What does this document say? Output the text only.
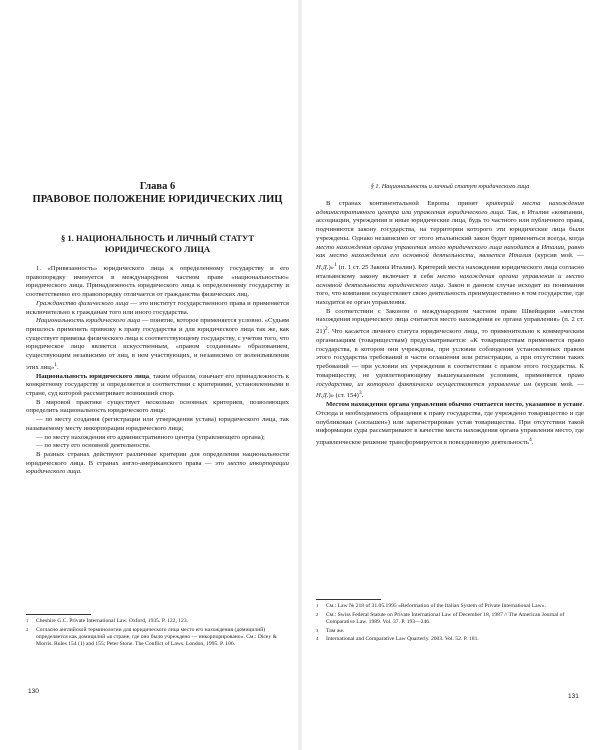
Глава 6
ПРАВОВОЕ ПОЛОЖЕНИЕ ЮРИДИЧЕСКИХ ЛИЦ
§ 1. НАЦИОНАЛЬНОСТЬ И ЛИЧНЫЙ СТАТУТ ЮРИДИЧЕСКОГО ЛИЦА

1. «Привязанность» юридического лица к определенному государству и его правопорядку именуется в международном частном праве «национальностью» юридического лица. Принадлежность юридического лица к определенному государству и соответственно его правопорядку отличается от гражданства физических лиц.

Гражданство физического лица — это институт государственного права и применяется исключительно к гражданам того или иного государства.

Национальность юридического лица — понятие, которое применяется условно. «Судьям пришлось применить привязку к праву государства и для юридического лица так же, как существует привязка физического лица к соответствующему государству, с учетом того, что юридическое лицо является искусственным, «правом созданным» образованием, существующим независимо от лиц, в нем участвующих, и независимо от волеизъявления этих лиц»$^1$.

Национальность юридического лица, таким образом, означает его принадлежность к конкретному государству и определяется в соответствии с критериями, установленными в стране, суд которой рассматривает возникший спор.

В мировой практике существует несколько основных критериев, позволяющих определить национальность юридического лица:

— по месту создания (регистрации или утверждения устава) юридического лица, так называемому месту инкорпорации юридического лица;

— по месту нахождения его административного центра (управляющего органа);

— по месту его основной деятельности.

В разных странах действуют различные критерии для определения национальности юридического лица. В странах англо-американского права — это место инкорпорации юридического лица.

1	Cheshire G.C. Private International Law. Oxford, 1935. P. 122, 123.
2	Согласно английской терминологии для юридического лица место его нахождения (домицилий) определяется как домицилий «в стране, где оно было учреждено — инкорпорировано». См.: Dicey & Morris. Rules 154 (1) and 155; Peter Stone. The Conflict of Laws. London, 1995. P. 106.
130
§ 1. Национальность и личный статут юридического лица

В странах континентальной Европы принят критерий места нахождения административного центра или управления юридического лица. Так, в Италии «компании, ассоциации, учреждения и иные юридические лица, будь то частного или публичного права, подчиняются закону государства, на территории которого эти юридические лица были учреждены. Однако независимо от этого итальянский закон будет применяться всегда, когда место нахождения органа управления этого юридического лица находится в Италии, равно как место нахождения его основной деятельности, является Италия (курсив мой. — Н.Д.)»$^1$ (п. 1 ст. 25 Закона Италии). Критерий места нахождения юридического лица согласно итальянскому закону включает в себя место нахождения органа управления и место основной деятельности юридического лица. Закон в данном случае исходит из понимания того, что компания осуществляет свою деятельность преимущественно в том государстве, где находится ее орган управления.

В соответствии с Законом о международном частном праве Швейцарии «местом нахождения юридического лица считается место нахождения ее органа управления» (п. 2 ст. 21)$^2$. Что касается личного статута юридического лица, то применительно к коммерческим организациям (товариществам) предусматривается: «К товариществам применяется право государства, в котором они учреждены, при условии соблюдения установленных правом этого государства требований в части оглашения или регистрации, а при отсутствии таких требований — при условии их учреждения в соответствии с правом этого государства. К товариществу, не удовлетворяющему вышеуказанным условиям, применяется право государства, из которого фактически осуществляется управление им (курсив мой. — Н.Д.)» (ст. 154)$^3$.

Местом нахождения органа управления обычно считается место, указанное в уставе. Отсюда и необходимость обращения к праву государства, где учреждено товарищество и где опубликован («оглашен») или зарегистрирован устав товарищества. При отсутствии такой информации суды рассматривают в качестве места нахождения органа управления место, где управленческое решение трансформируется в повседневную деятельность$^4$.

1	См.: Law № 218 of 31.05.1995 «Reformation of the Italian System of Private International Law».
2	См.: Swiss Federal Statute on Private International Law of December 18, 1987 // The American Journal of Comparative Law. 1989. Vol. 37. P. 193—246.
3	Там же.
4	International and Comparative Law Quarterly. 2003. Vol. 52. P. 181.
131
